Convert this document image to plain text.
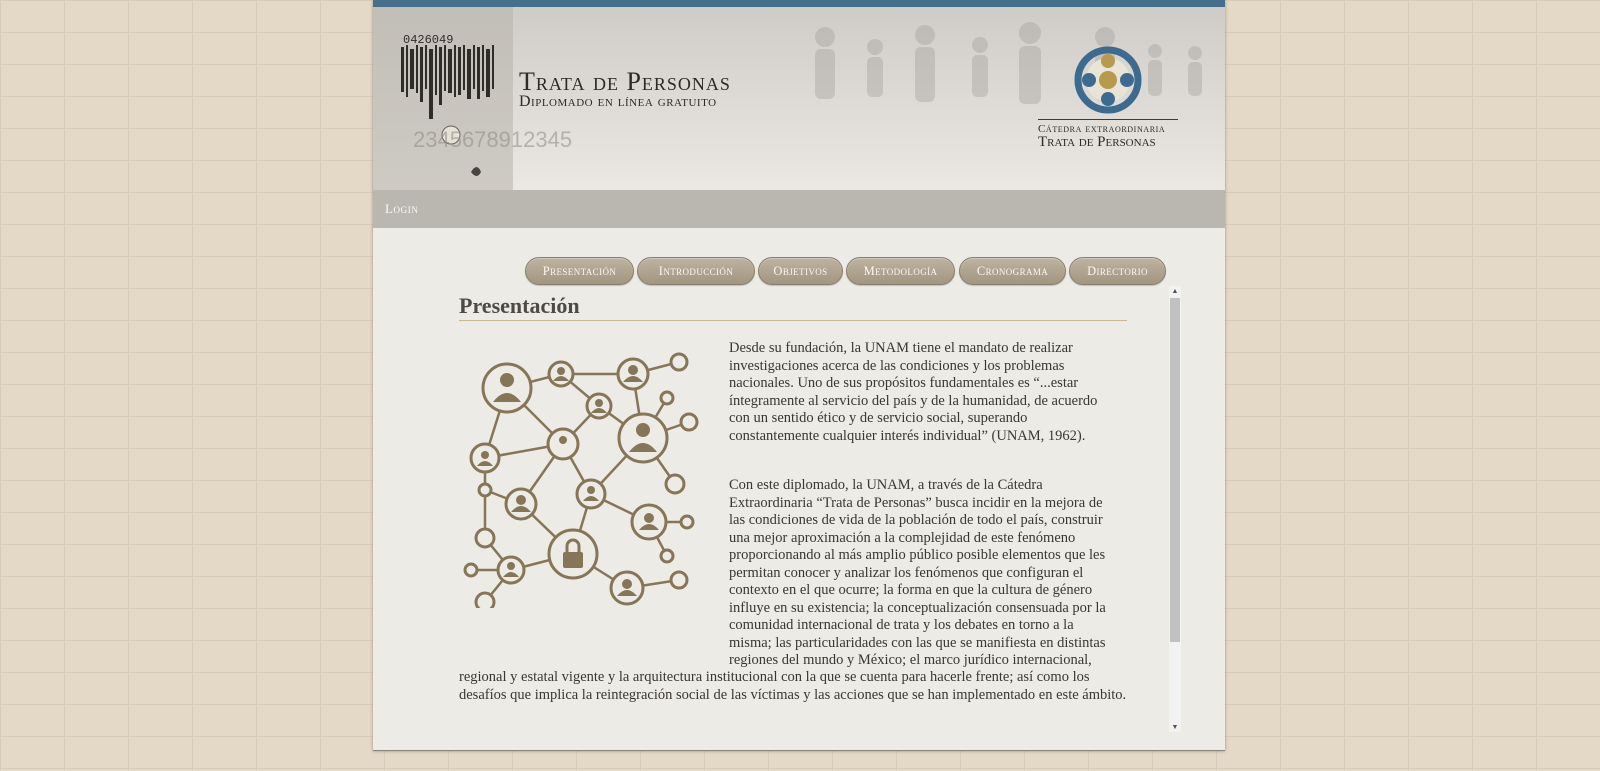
0426049
2345678912345
Trata de Personas
Diplomado en línea gratuito
Cátedra extraordinaria
Trata de Personas
Login
Presentación	Introducción	Objetivos	Metodología	Cronograma	Directorio
Presentación
Desde su fundación, la UNAM tiene el mandato de realizar investigaciones acerca de las condiciones y los problemas nacionales. Uno de sus propósitos fundamentales es “...estar íntegramente al servicio del país y de la humanidad, de acuerdo con un sentido ético y de servicio social, superando constantemente cualquier interés individual” (UNAM, 1962).
Con este diplomado, la UNAM, a través de la Cátedra Extraordinaria “Trata de Personas” busca incidir en la mejora de las condiciones de vida de la población de todo el país, construir una mejor aproximación a la complejidad de este fenómeno proporcionando al más amplio público posible elementos que les permitan conocer y analizar los fenómenos que configuran el contexto en el que ocurre; la forma en que la cultura de género influye en su existencia; la conceptualización consensuada por la comunidad internacional de trata y los debates en torno a la misma; las particularidades con las que se manifiesta en distintas regiones del mundo y México; el marco jurídico internacional,
regional y estatal vigente y la arquitectura institucional con la que se cuenta para hacerle frente; así como los desafíos que implica la reintegración social de las víctimas y las acciones que se han implementado en este ámbito.
▲
▼
